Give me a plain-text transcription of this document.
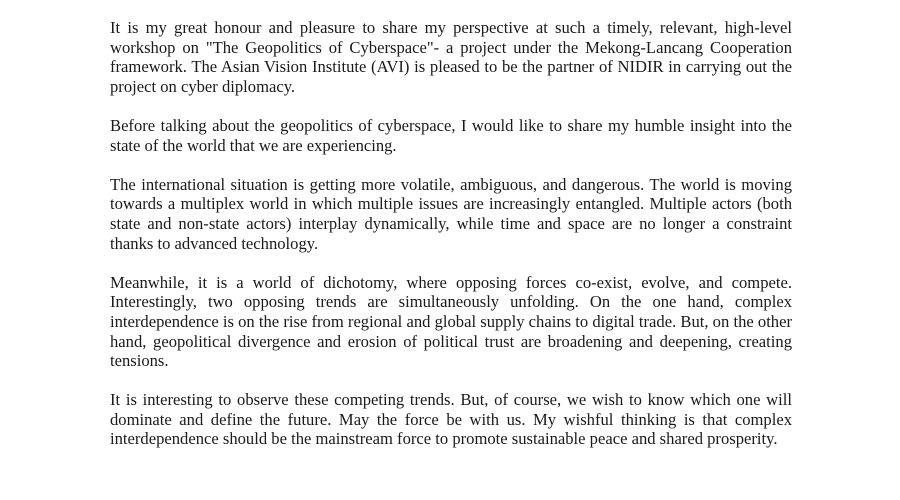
It is my great honour and pleasure to share my perspective at such a timely, relevant, high-level workshop on "The Geopolitics of Cyberspace"- a project under the Mekong-Lancang Cooperation framework. The Asian Vision Institute (AVI) is pleased to be the partner of NIDIR in carrying out the project on cyber diplomacy.

Before talking about the geopolitics of cyberspace, I would like to share my humble insight into the state of the world that we are experiencing.

The international situation is getting more volatile, ambiguous, and dangerous. The world is moving towards a multiplex world in which multiple issues are increasingly entangled. Multiple actors (both state and non-state actors) interplay dynamically, while time and space are no longer a constraint thanks to advanced technology.

Meanwhile, it is a world of dichotomy, where opposing forces co-exist, evolve, and compete. Interestingly, two opposing trends are simultaneously unfolding. On the one hand, complex interdependence is on the rise from regional and global supply chains to digital trade. But, on the other hand, geopolitical divergence and erosion of political trust are broadening and deepening, creating tensions.

It is interesting to observe these competing trends. But, of course, we wish to know which one will dominate and define the future. May the force be with us. My wishful thinking is that complex interdependence should be the mainstream force to promote sustainable peace and shared prosperity.
